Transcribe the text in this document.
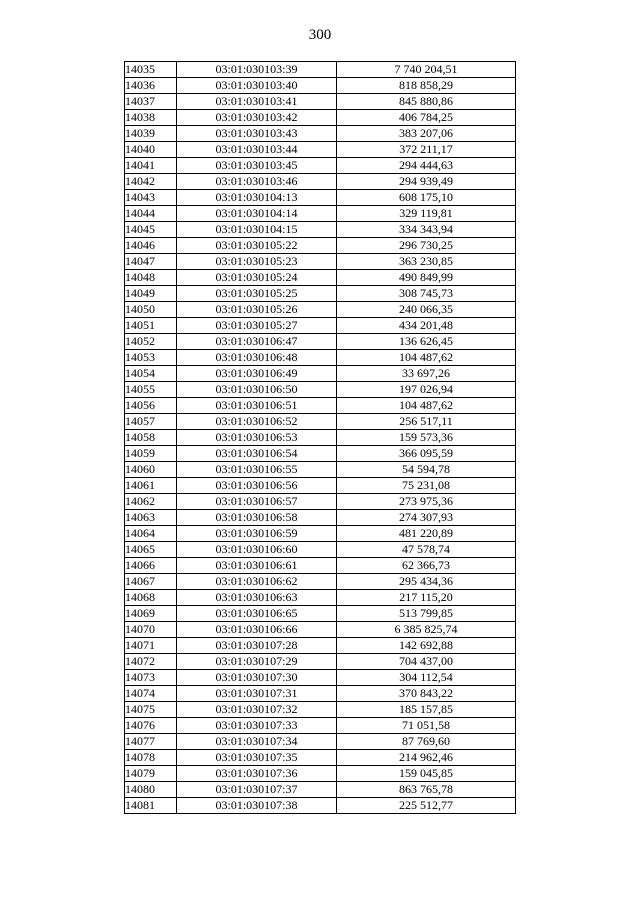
300
14035	03:01:030103:39	7 740 204,51
14036	03:01:030103:40	818 858,29
14037	03:01:030103:41	845 880,86
14038	03:01:030103:42	406 784,25
14039	03:01:030103:43	383 207,06
14040	03:01:030103:44	372 211,17
14041	03:01:030103:45	294 444,63
14042	03:01:030103:46	294 939,49
14043	03:01:030104:13	608 175,10
14044	03:01:030104:14	329 119,81
14045	03:01:030104:15	334 343,94
14046	03:01:030105:22	296 730,25
14047	03:01:030105:23	363 230,85
14048	03:01:030105:24	490 849,99
14049	03:01:030105:25	308 745,73
14050	03:01:030105:26	240 066,35
14051	03:01:030105:27	434 201,48
14052	03:01:030106:47	136 626,45
14053	03:01:030106:48	104 487,62
14054	03:01:030106:49	33 697,26
14055	03:01:030106:50	197 026,94
14056	03:01:030106:51	104 487,62
14057	03:01:030106:52	256 517,11
14058	03:01:030106:53	159 573,36
14059	03:01:030106:54	366 095,59
14060	03:01:030106:55	54 594,78
14061	03:01:030106:56	75 231,08
14062	03:01:030106:57	273 975,36
14063	03:01:030106:58	274 307,93
14064	03:01:030106:59	481 220,89
14065	03:01:030106:60	47 578,74
14066	03:01:030106:61	62 366,73
14067	03:01:030106:62	295 434,36
14068	03:01:030106:63	217 115,20
14069	03:01:030106:65	513 799,85
14070	03:01:030106:66	6 385 825,74
14071	03:01:030107:28	142 692,88
14072	03:01:030107:29	704 437,00
14073	03:01:030107:30	304 112,54
14074	03:01:030107:31	370 843,22
14075	03:01:030107:32	185 157,85
14076	03:01:030107:33	71 051,58
14077	03:01:030107:34	87 769,60
14078	03:01:030107:35	214 962,46
14079	03:01:030107:36	159 045,85
14080	03:01:030107:37	863 765,78
14081	03:01:030107:38	225 512,77
